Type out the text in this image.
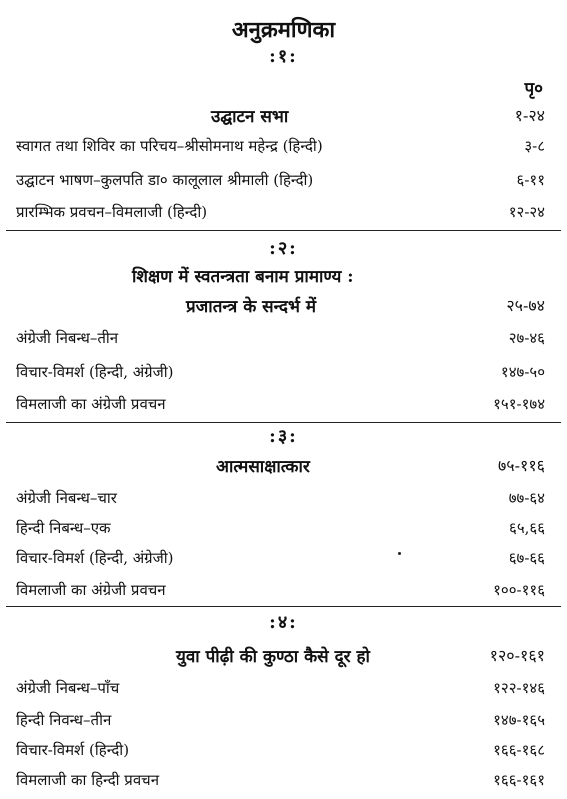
अनुक्रमणिका
:१:
पृ०
उद्घाटन सभा	१-२४
स्वागत तथा शिविर का परिचय–श्रीसोमनाथ महेन्द्र (हिन्दी)	३-८
उद्घाटन भाषण–कुलपति डा० कालूलाल श्रीमाली (हिन्दी)	६-११
प्रारम्भिक प्रवचन–विमलाजी (हिन्दी)	१२-२४
:२:
शिक्षण में स्वतन्त्रता बनाम प्रामाण्य :
प्रजातन्त्र के सन्दर्भ में	२५-७४
अंग्रेजी निबन्ध–तीन	२७-४६
विचार-विमर्श (हिन्दी, अंग्रेजी)	१४७-५०
विमलाजी का अंग्रेजी प्रवचन	१५१-१७४
:३:
आत्मसाक्षात्कार	७५-११६
अंग्रेजी निबन्ध–चार	७७-६४
हिन्दी निबन्ध–एक	६५,६६
विचार-विमर्श (हिन्दी, अंग्रेजी)	६७-६६
विमलाजी का अंग्रेजी प्रवचन	१००-११६
:४:
युवा पीढ़ी की कुण्ठा कैसे दूर हो	१२०-१६१
अंग्रेजी निबन्ध–पाँच	१२२-१४६
हिन्दी निवन्ध–तीन	१४७-१६५
विचार-विमर्श (हिन्दी)	१६६-१६८
विमलाजी का हिन्दी प्रवचन	१६६-१६१
